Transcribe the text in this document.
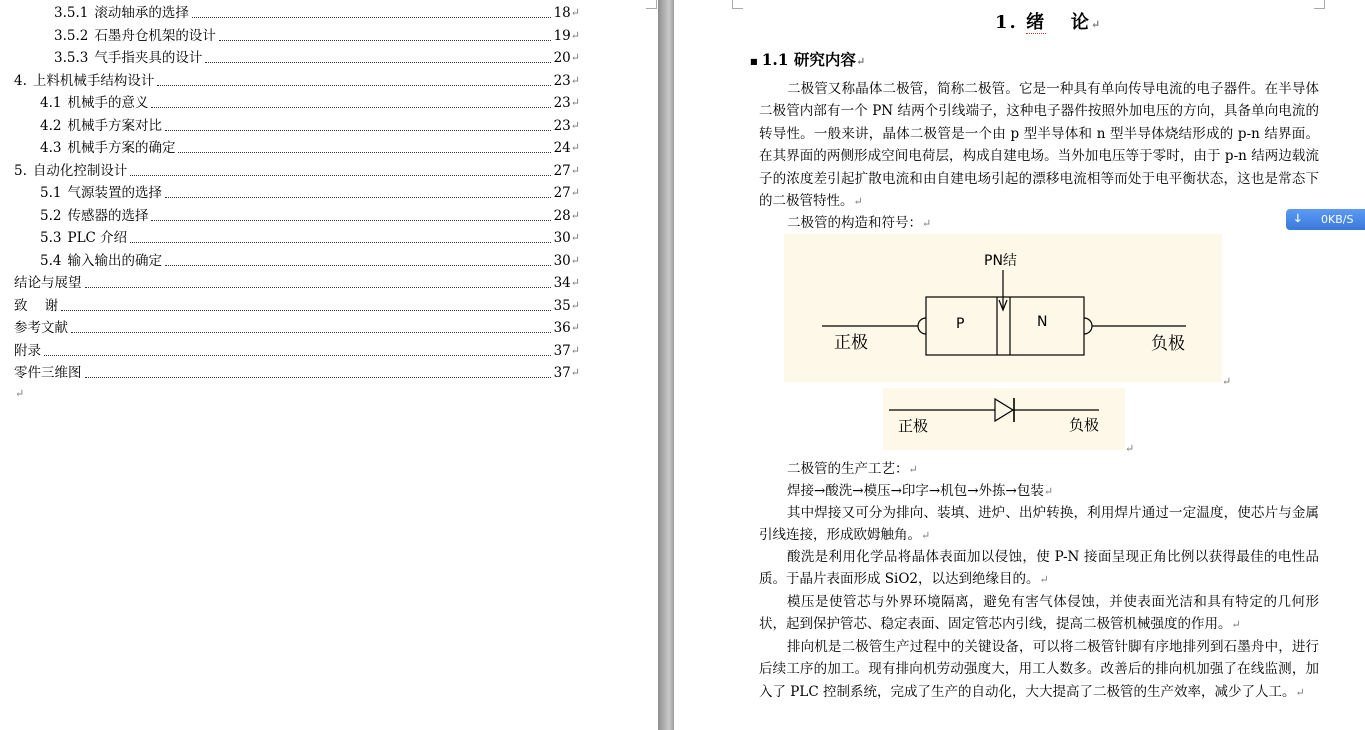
3.5.1 滚动轴承的选择	18 ↵
3.5.2 石墨舟仓机架的设计	19 ↵
3.5.3 气手指夹具的设计	20 ↵
4. 上料机械手结构设计	23 ↵
4.1 机械手的意义	23 ↵
4.2 机械手方案对比	23 ↵
4.3 机械手方案的确定	24 ↵
5. 自动化控制设计	27 ↵
5.1 气源装置的选择	27 ↵
5.2 传感器的选择	28 ↵
5.3 PLC 介绍	30 ↵
5.4 输入输出的确定	30 ↵
结论与展望	34 ↵
致    谢	35 ↵
参考文献	36 ↵
附录	37 ↵
零件三维图	37 ↵
↵
1. 绪 论↵
■ 1.1 研究内容↵
二极管又称晶体二极管，简称二极管。它是一种具有单向传导电流的电子器件。在半导体二极管内部有一个 PN 结两个引线端子，这种电子器件按照外加电压的方向，具备单向电流的转导性。一般来讲，晶体二极管是一个由 p 型半导体和 n 型半导体烧结形成的 p-n 结界面。在其界面的两侧形成空间电荷层，构成自建电场。当外加电压等于零时，由于 p-n 结两边载流子的浓度差引起扩散电流和由自建电场引起的漂移电流相等而处于电平衡状态，这也是常态下的二极管特性。↵
二极管的构造和符号：↵	🡓	0KB/S
PN结
P	N
正极	负极
↵
正极	负极
↵
二极管的生产工艺：↵
焊接→酸洗→模压→印字→机包→外拣→包装↵
其中焊接又可分为排向、装填、进炉、出炉转换，利用焊片通过一定温度，使芯片与金属引线连接，形成欧姆触角。↵
酸洗是利用化学品将晶体表面加以侵蚀，使 P-N 接面呈现正角比例以获得最佳的电性品质。于晶片表面形成 SiO2，以达到绝缘目的。↵
模压是使管芯与外界环境隔离，避免有害气体侵蚀，并使表面光洁和具有特定的几何形状，起到保护管芯、稳定表面、固定管芯内引线，提高二极管机械强度的作用。↵
排向机是二极管生产过程中的关键设备，可以将二极管针脚有序地排列到石墨舟中，进行后续工序的加工。现有排向机劳动强度大，用工人数多。改善后的排向机加强了在线监测，加入了 PLC 控制系统，完成了生产的自动化，大大提高了二极管的生产效率，减少了人工。↵
